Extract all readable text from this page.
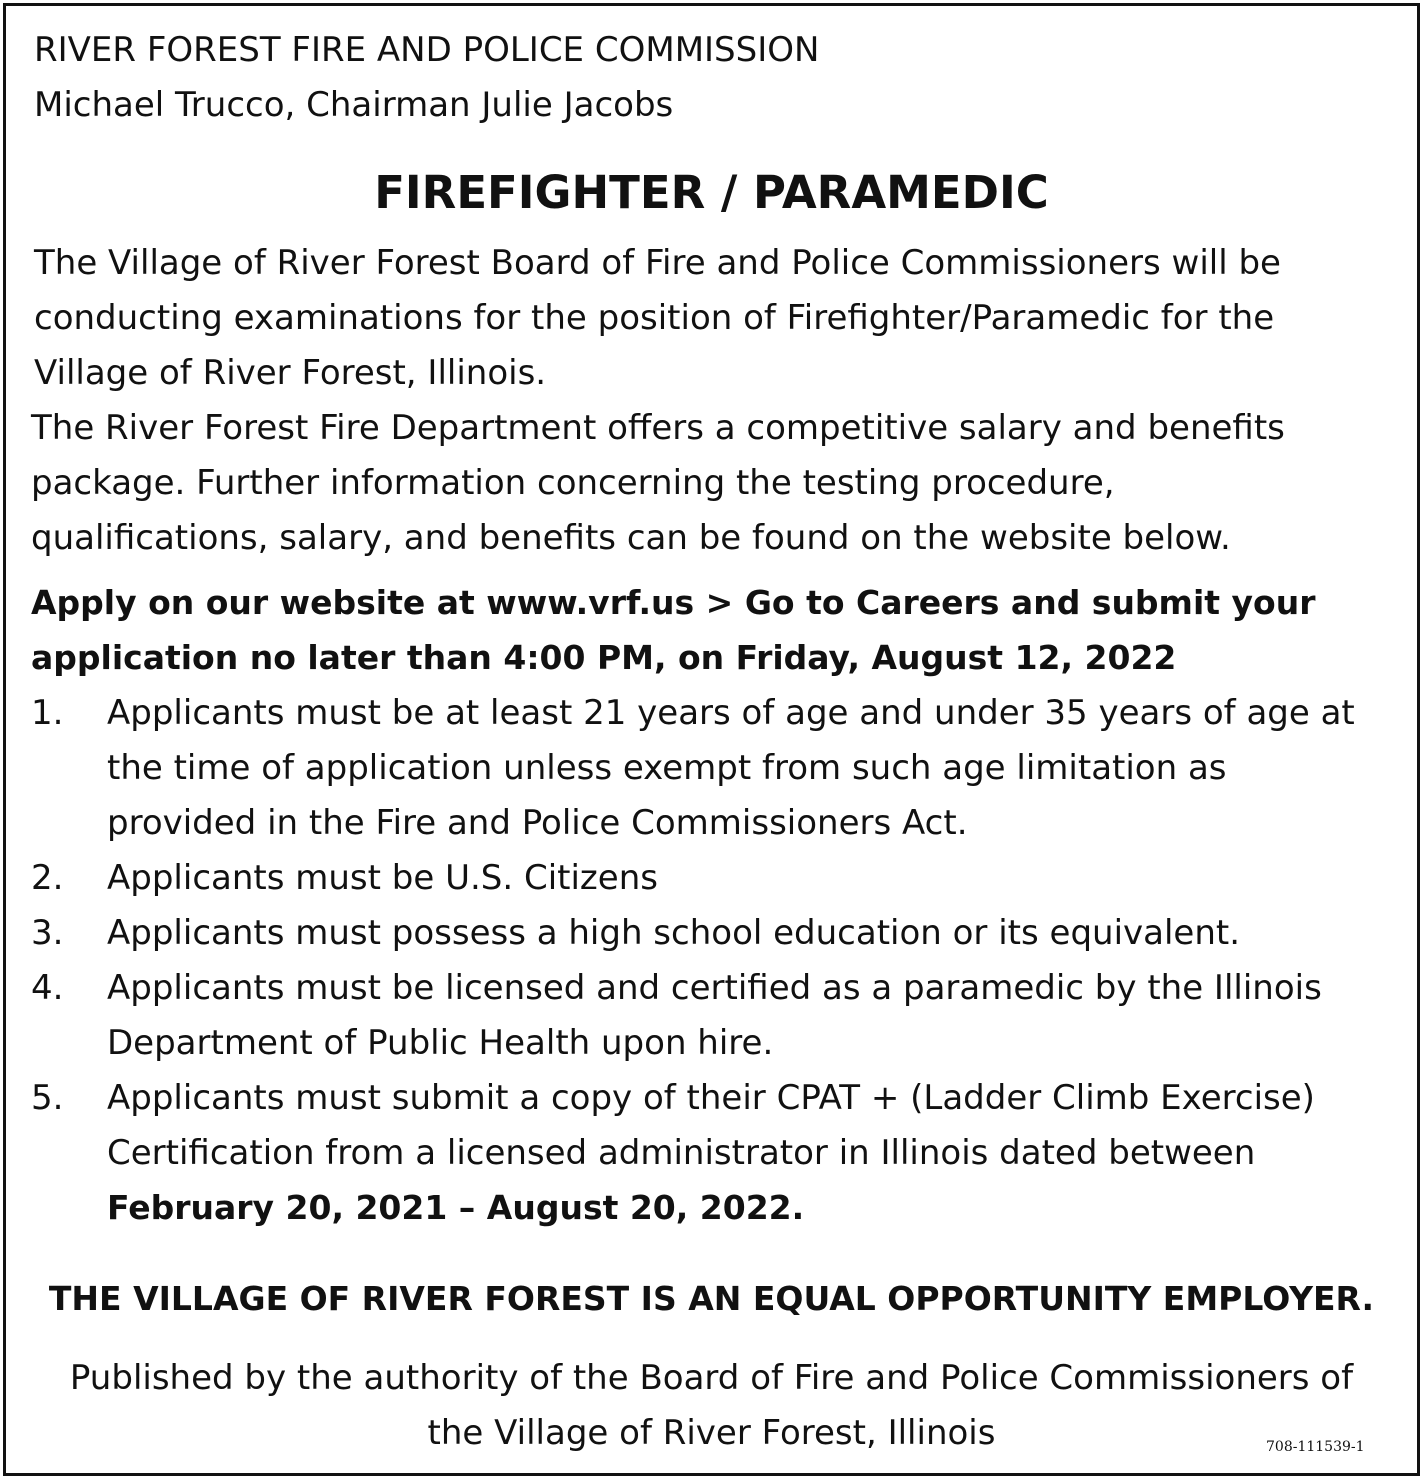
RIVER FOREST FIRE AND POLICE COMMISSION
Michael Trucco, Chairman Julie Jacobs
FIREFIGHTER / PARAMEDIC
The Village of River Forest Board of Fire and Police Commissioners will be
conducting examinations for the position of Firefighter/Paramedic for the
Village of River Forest, Illinois.
The River Forest Fire Department offers a competitive salary and benefits
package. Further information concerning the testing procedure,
qualifications, salary, and benefits can be found on the website below.
Apply on our website at www.vrf.us > Go to Careers and submit your
application no later than 4:00 PM, on Friday, August 12, 2022
1. Applicants must be at least 21 years of age and under 35 years of age at
the time of application unless exempt from such age limitation as
provided in the Fire and Police Commissioners Act.
2. Applicants must be U.S. Citizens
3. Applicants must possess a high school education or its equivalent.
4. Applicants must be licensed and certified as a paramedic by the Illinois
Department of Public Health upon hire.
5. Applicants must submit a copy of their CPAT + (Ladder Climb Exercise)
Certification from a licensed administrator in Illinois dated between
February 20, 2021 – August 20, 2022.
THE VILLAGE OF RIVER FOREST IS AN EQUAL OPPORTUNITY EMPLOYER.
Published by the authority of the Board of Fire and Police Commissioners of
the Village of River Forest, Illinois	708-111539-1
